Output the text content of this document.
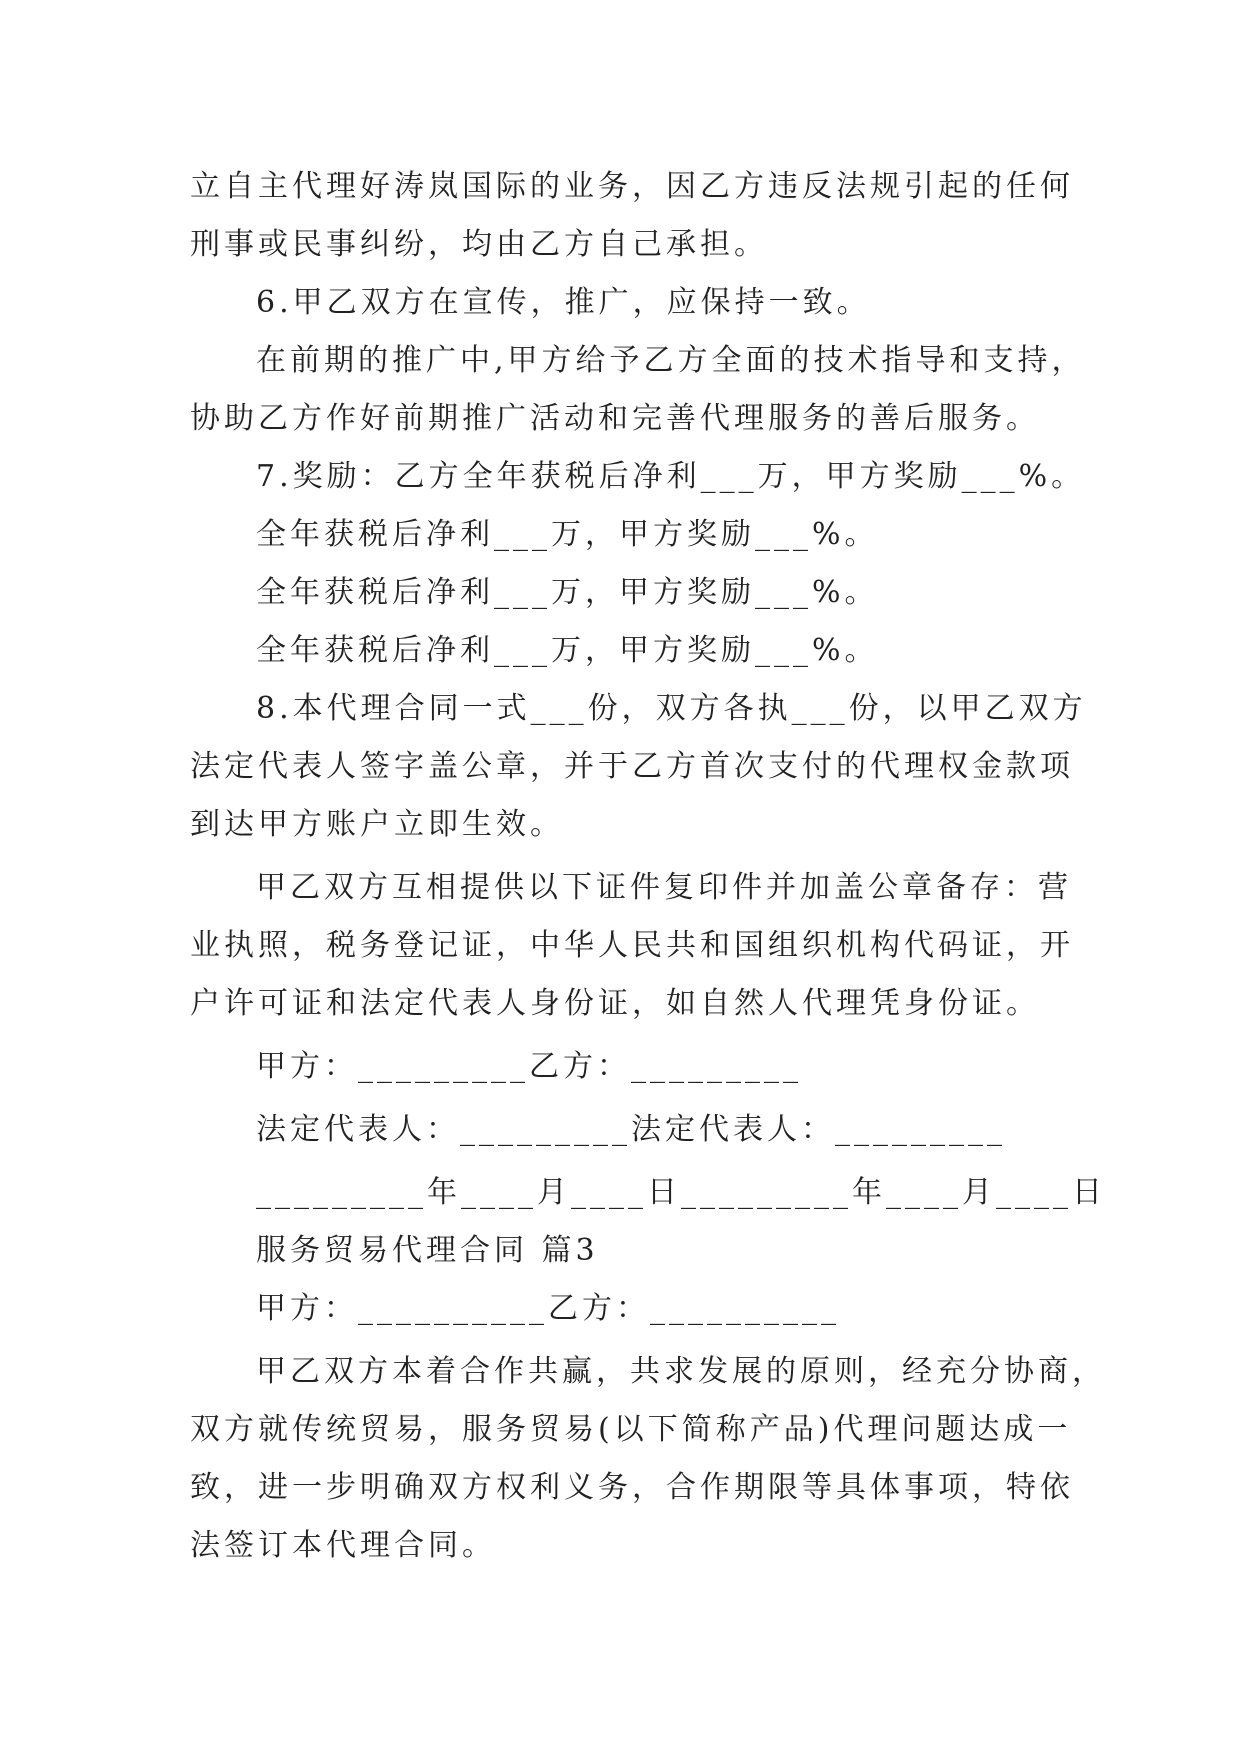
立自主代理好涛岚国际的业务，因乙方违反法规引起的任何
刑事或民事纠纷，均由乙方自己承担。
6.甲乙双方在宣传，推广，应保持一致。
在前期的推广中,甲方给予乙方全面的技术指导和支持，
协助乙方作好前期推广活动和完善代理服务的善后服务。
7.奖励：乙方全年获税后净利___万，甲方奖励___%。
全年获税后净利___万，甲方奖励___%。
全年获税后净利___万，甲方奖励___%。
全年获税后净利___万，甲方奖励___%。
8.本代理合同一式___份，双方各执___份，以甲乙双方
法定代表人签字盖公章，并于乙方首次支付的代理权金款项
到达甲方账户立即生效。
甲乙双方互相提供以下证件复印件并加盖公章备存：营
业执照，税务登记证，中华人民共和国组织机构代码证，开
户许可证和法定代表人身份证，如自然人代理凭身份证。
甲方：_________乙方：_________
法定代表人：_________法定代表人：_________
_________年____月____日_________年____月____日
服务贸易代理合同 篇3
甲方：__________乙方：__________
甲乙双方本着合作共赢，共求发展的原则，经充分协商，
双方就传统贸易，服务贸易(以下简称产品)代理问题达成一
致，进一步明确双方权利义务，合作期限等具体事项，特依
法签订本代理合同。
